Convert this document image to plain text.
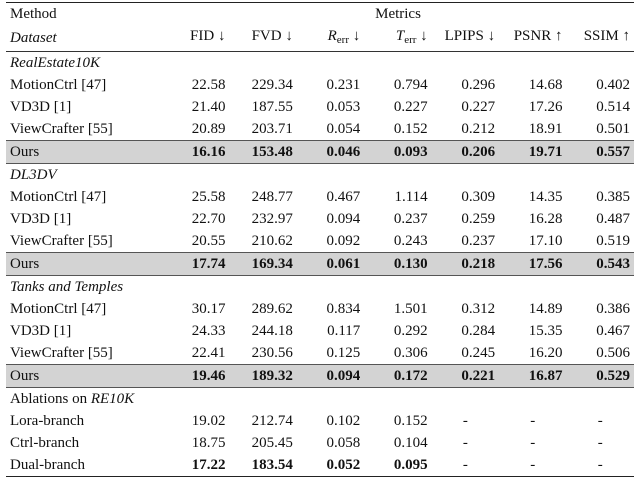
Method	Metrics						
Dataset	FID ↓	FVD ↓	$R_{err}$ ↓	$T_{err}$ ↓	LPIPS ↓	PSNR ↑	SSIM ↑
RealEstate10K							
MotionCtrl [47]	22.58	229.34	0.231	0.794	0.296	14.68	0.402
VD3D [1]	21.40	187.55	0.053	0.227	0.227	17.26	0.514
ViewCrafter [55]	20.89	203.71	0.054	0.152	0.212	18.91	0.501
Ours	16.16	153.48	0.046	0.093	0.206	19.71	0.557
DL3DV							
MotionCtrl [47]	25.58	248.77	0.467	1.114	0.309	14.35	0.385
VD3D [1]	22.70	232.97	0.094	0.237	0.259	16.28	0.487
ViewCrafter [55]	20.55	210.62	0.092	0.243	0.237	17.10	0.519
Ours	17.74	169.34	0.061	0.130	0.218	17.56	0.543
Tanks and Temples							
MotionCtrl [47]	30.17	289.62	0.834	1.501	0.312	14.89	0.386
VD3D [1]	24.33	244.18	0.117	0.292	0.284	15.35	0.467
ViewCrafter [55]	22.41	230.56	0.125	0.306	0.245	16.20	0.506
Ours	19.46	189.32	0.094	0.172	0.221	16.87	0.529
Ablations on RE10K							
Lora-branch	19.02	212.74	0.102	0.152	-	-	-
Ctrl-branch	18.75	205.45	0.058	0.104	-	-	-
Dual-branch	17.22	183.54	0.052	0.095	-	-	-
